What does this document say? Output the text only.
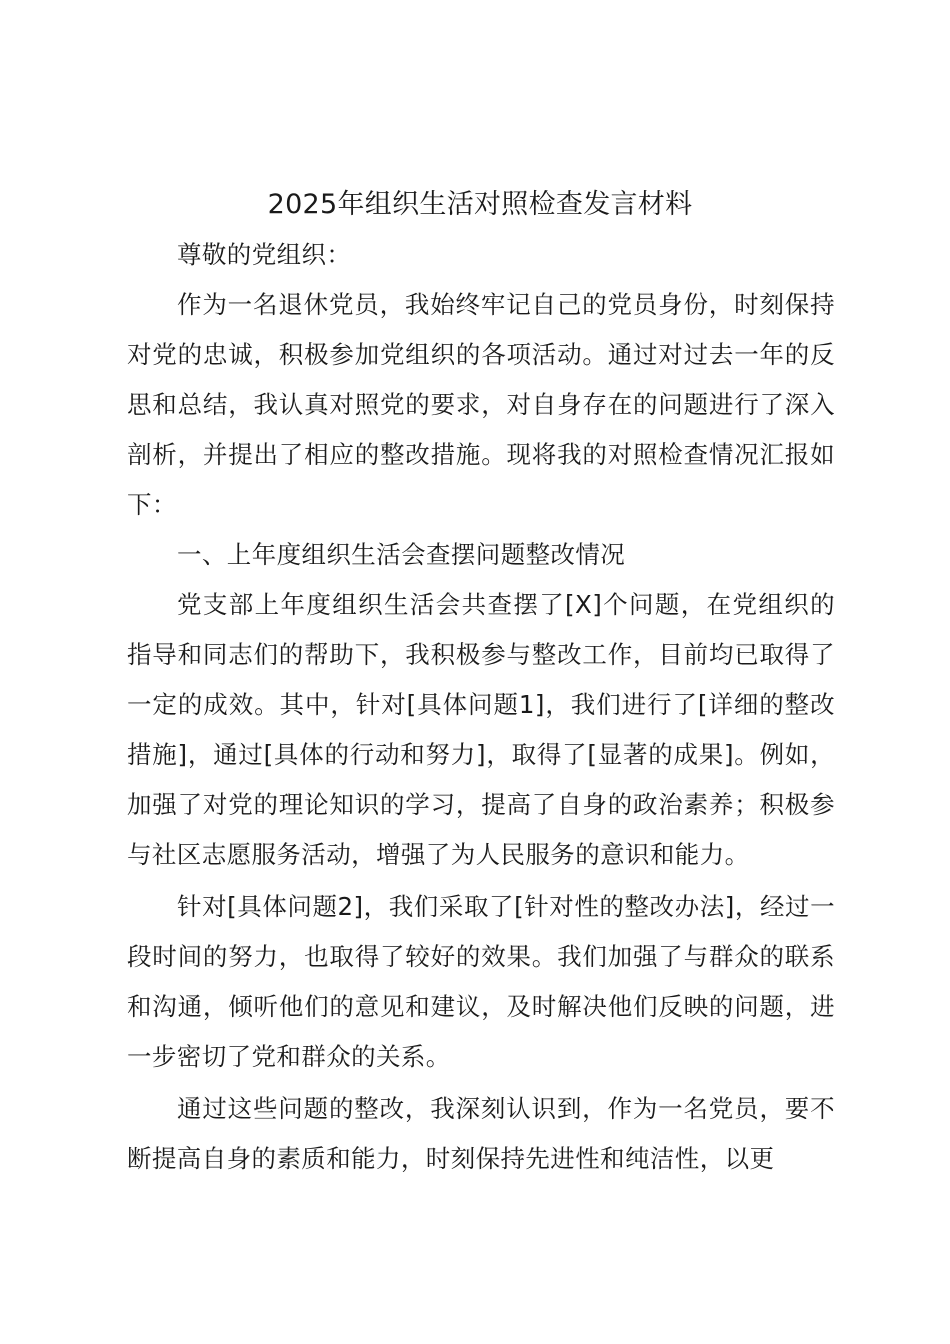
2025年组织生活对照检查发言材料

尊敬的党组织：

作为一名退休党员，我始终牢记自己的党员身份，时刻保持对党的忠诚，积极参加党组织的各项活动。通过对过去一年的反思和总结，我认真对照党的要求，对自身存在的问题进行了深入剖析，并提出了相应的整改措施。现将我的对照检查情况汇报如下：

一、上年度组织生活会查摆问题整改情况

党支部上年度组织生活会共查摆了[X]个问题，在党组织的指导和同志们的帮助下，我积极参与整改工作，目前均已取得了一定的成效。其中，针对[具体问题1]，我们进行了[详细的整改措施]，通过[具体的行动和努力]，取得了[显著的成果]。例如，加强了对党的理论知识的学习，提高了自身的政治素养；积极参与社区志愿服务活动，增强了为人民服务的意识和能力。

针对[具体问题2]，我们采取了[针对性的整改办法]，经过一段时间的努力，也取得了较好的效果。我们加强了与群众的联系和沟通，倾听他们的意见和建议，及时解决他们反映的问题，进一步密切了党和群众的关系。

通过这些问题的整改，我深刻认识到，作为一名党员，要不断提高自身的素质和能力，时刻保持先进性和纯洁性，以更
